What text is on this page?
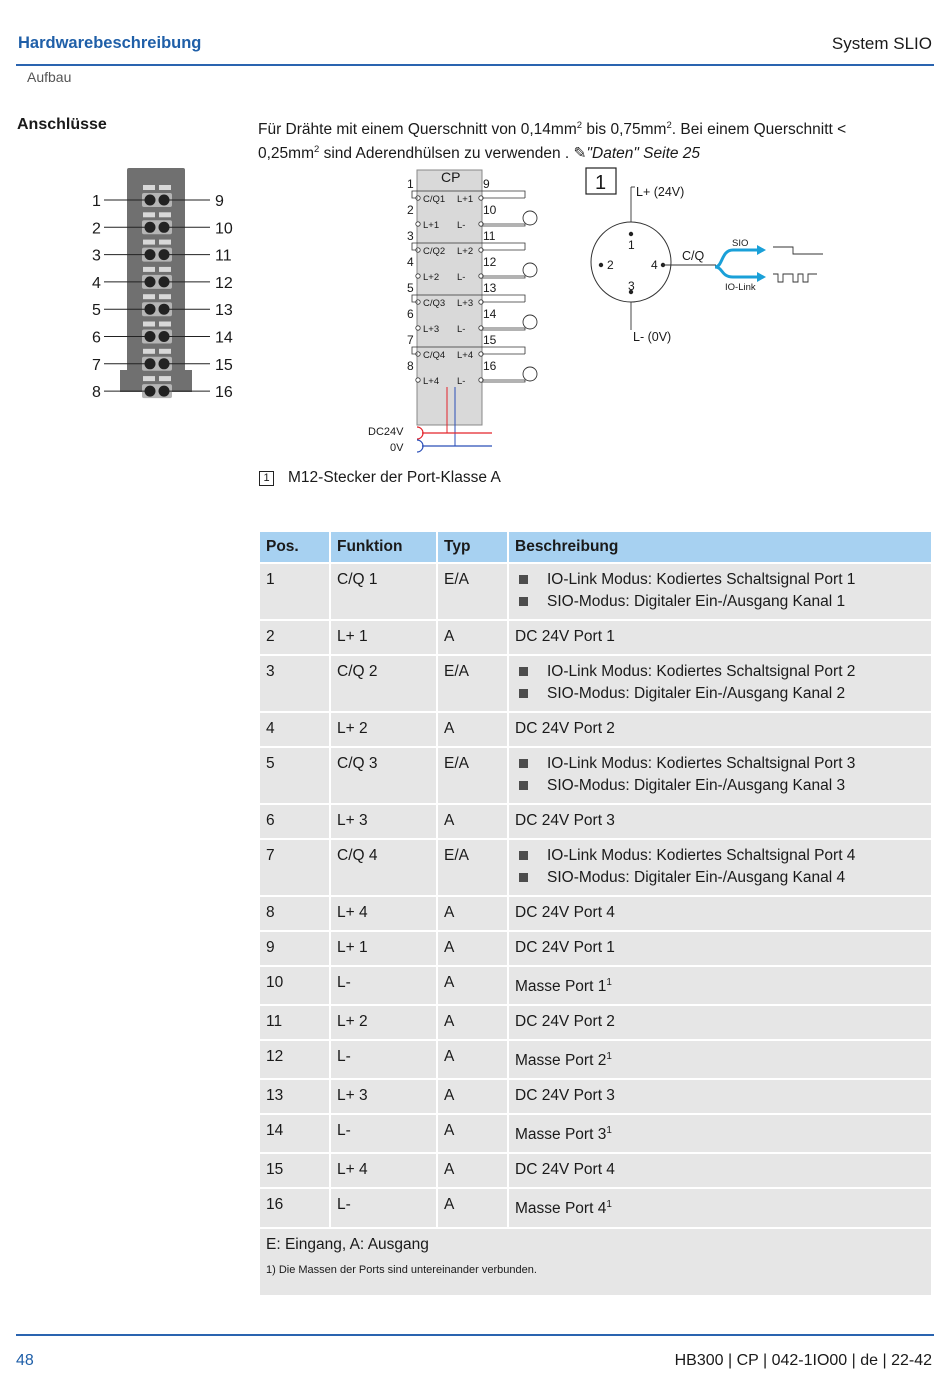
Hardwarebeschreibung	System SLIO
Aufbau
Anschlüsse	Für Drähte mit einem Querschnitt von $0,14mm^2$ bis $0,75mm^2$. Bei einem Querschnitt < $0,25mm^2$ sind Aderendhülsen zu verwenden . ✎"Daten" Seite 25
1	9
2	10
3	11
4	12
5	13
6	14
7	15
8	16
CP
1	9
C/Q1 L+1
2	10
L+1 L-
3	11
C/Q2 L+2
4	12
L+2 L-
5	13
C/Q3 L+3
6	14
L+3 L-
7	15
C/Q4 L+4
8	16
L+4 L-
DC24V
0V
1 L+ (24V)
L- (0V)
1
2
3
4
C/Q
SIO
IO-Link
1 M12-Stecker der Port-Klasse A
Pos.	Funktion	Typ	Beschreibung
1	C/Q 1	E/A	IO-Link Modus: Kodiertes Schaltsignal Port 1
SIO-Modus: Digitaler Ein-/Ausgang Kanal 1

2	L+ 1	A	DC 24V Port 1
3	C/Q 2	E/A	IO-Link Modus: Kodiertes Schaltsignal Port 2
SIO-Modus: Digitaler Ein-/Ausgang Kanal 2

4	L+ 2	A	DC 24V Port 2
5	C/Q 3	E/A	IO-Link Modus: Kodiertes Schaltsignal Port 3
SIO-Modus: Digitaler Ein-/Ausgang Kanal 3

6	L+ 3	A	DC 24V Port 3
7	C/Q 4	E/A	IO-Link Modus: Kodiertes Schaltsignal Port 4
SIO-Modus: Digitaler Ein-/Ausgang Kanal 4

8	L+ 4	A	DC 24V Port 4
9	L+ 1	A	DC 24V Port 1
10	L-	A	Masse Port $1^1$
11	L+ 2	A	DC 24V Port 2
12	L-	A	Masse Port $2^1$
13	L+ 3	A	DC 24V Port 3
14	L-	A	Masse Port $3^1$
15	L+ 4	A	DC 24V Port 4
16	L-	A	Masse Port $4^1$

E: Eingang, A: Ausgang
1) Die Massen der Ports sind untereinander verbunden.			
48	HB300 | CP | 042-1IO00 | de | 22-42
